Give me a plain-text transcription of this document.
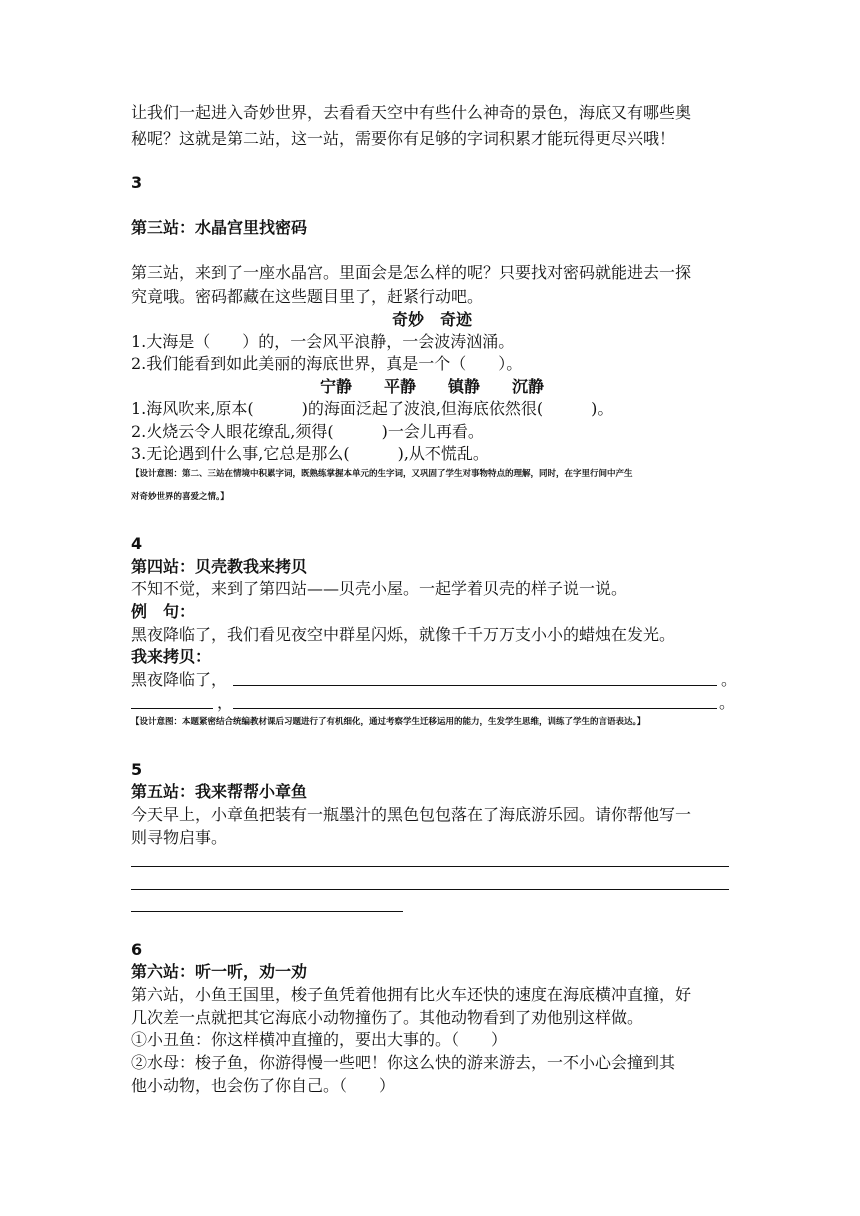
让我们一起进入奇妙世界，去看看天空中有些什么神奇的景色，海底又有哪些奥
秘呢？这就是第二站，这一站，需要你有足够的字词积累才能玩得更尽兴哦！
3
第三站：水晶宫里找密码
第三站，来到了一座水晶宫。里面会是怎么样的呢？只要找对密码就能进去一探
究竟哦。密码都藏在这些题目里了，赶紧行动吧。
奇妙　奇迹
1.大海是（　　）的，一会风平浪静，一会波涛汹涌。
2.我们能看到如此美丽的海底世界，真是一个（　　）。
宁静　　平静　　镇静　　沉静
1.海风吹来,原本(　　　)的海面泛起了波浪,但海底依然很(　　　)。
2.火烧云令人眼花缭乱,须得(　　　)一会儿再看。
3.无论遇到什么事,它总是那么(　　　),从不慌乱。
【设计意图：第二、三站在情境中积累字词，既熟练掌握本单元的生字词，又巩固了学生对事物特点的理解，同时，在字里行间中产生
对奇妙世界的喜爱之情。】
4
第四站：贝壳教我来拷贝
不知不觉，来到了第四站——贝壳小屋。一起学着贝壳的样子说一说。
例　句：
黑夜降临了，我们看见夜空中群星闪烁，就像千千万万支小小的蜡烛在发光。
我来拷贝：
黑夜降临了，	。
，	。
【设计意图：本题紧密结合统编教材课后习题进行了有机细化，通过考察学生迁移运用的能力，生发学生思维，训练了学生的言语表达。】
5
第五站：我来帮帮小章鱼
今天早上，小章鱼把装有一瓶墨汁的黑色包包落在了海底游乐园。请你帮他写一
则寻物启事。
6
第六站：听一听，劝一劝
第六站，小鱼王国里，梭子鱼凭着他拥有比火车还快的速度在海底横冲直撞，好
几次差一点就把其它海底小动物撞伤了。其他动物看到了劝他别这样做。
①小丑鱼：你这样横冲直撞的，要出大事的。（　　）
②水母：梭子鱼，你游得慢一些吧！你这么快的游来游去，一不小心会撞到其
他小动物，也会伤了你自己。（　　）
